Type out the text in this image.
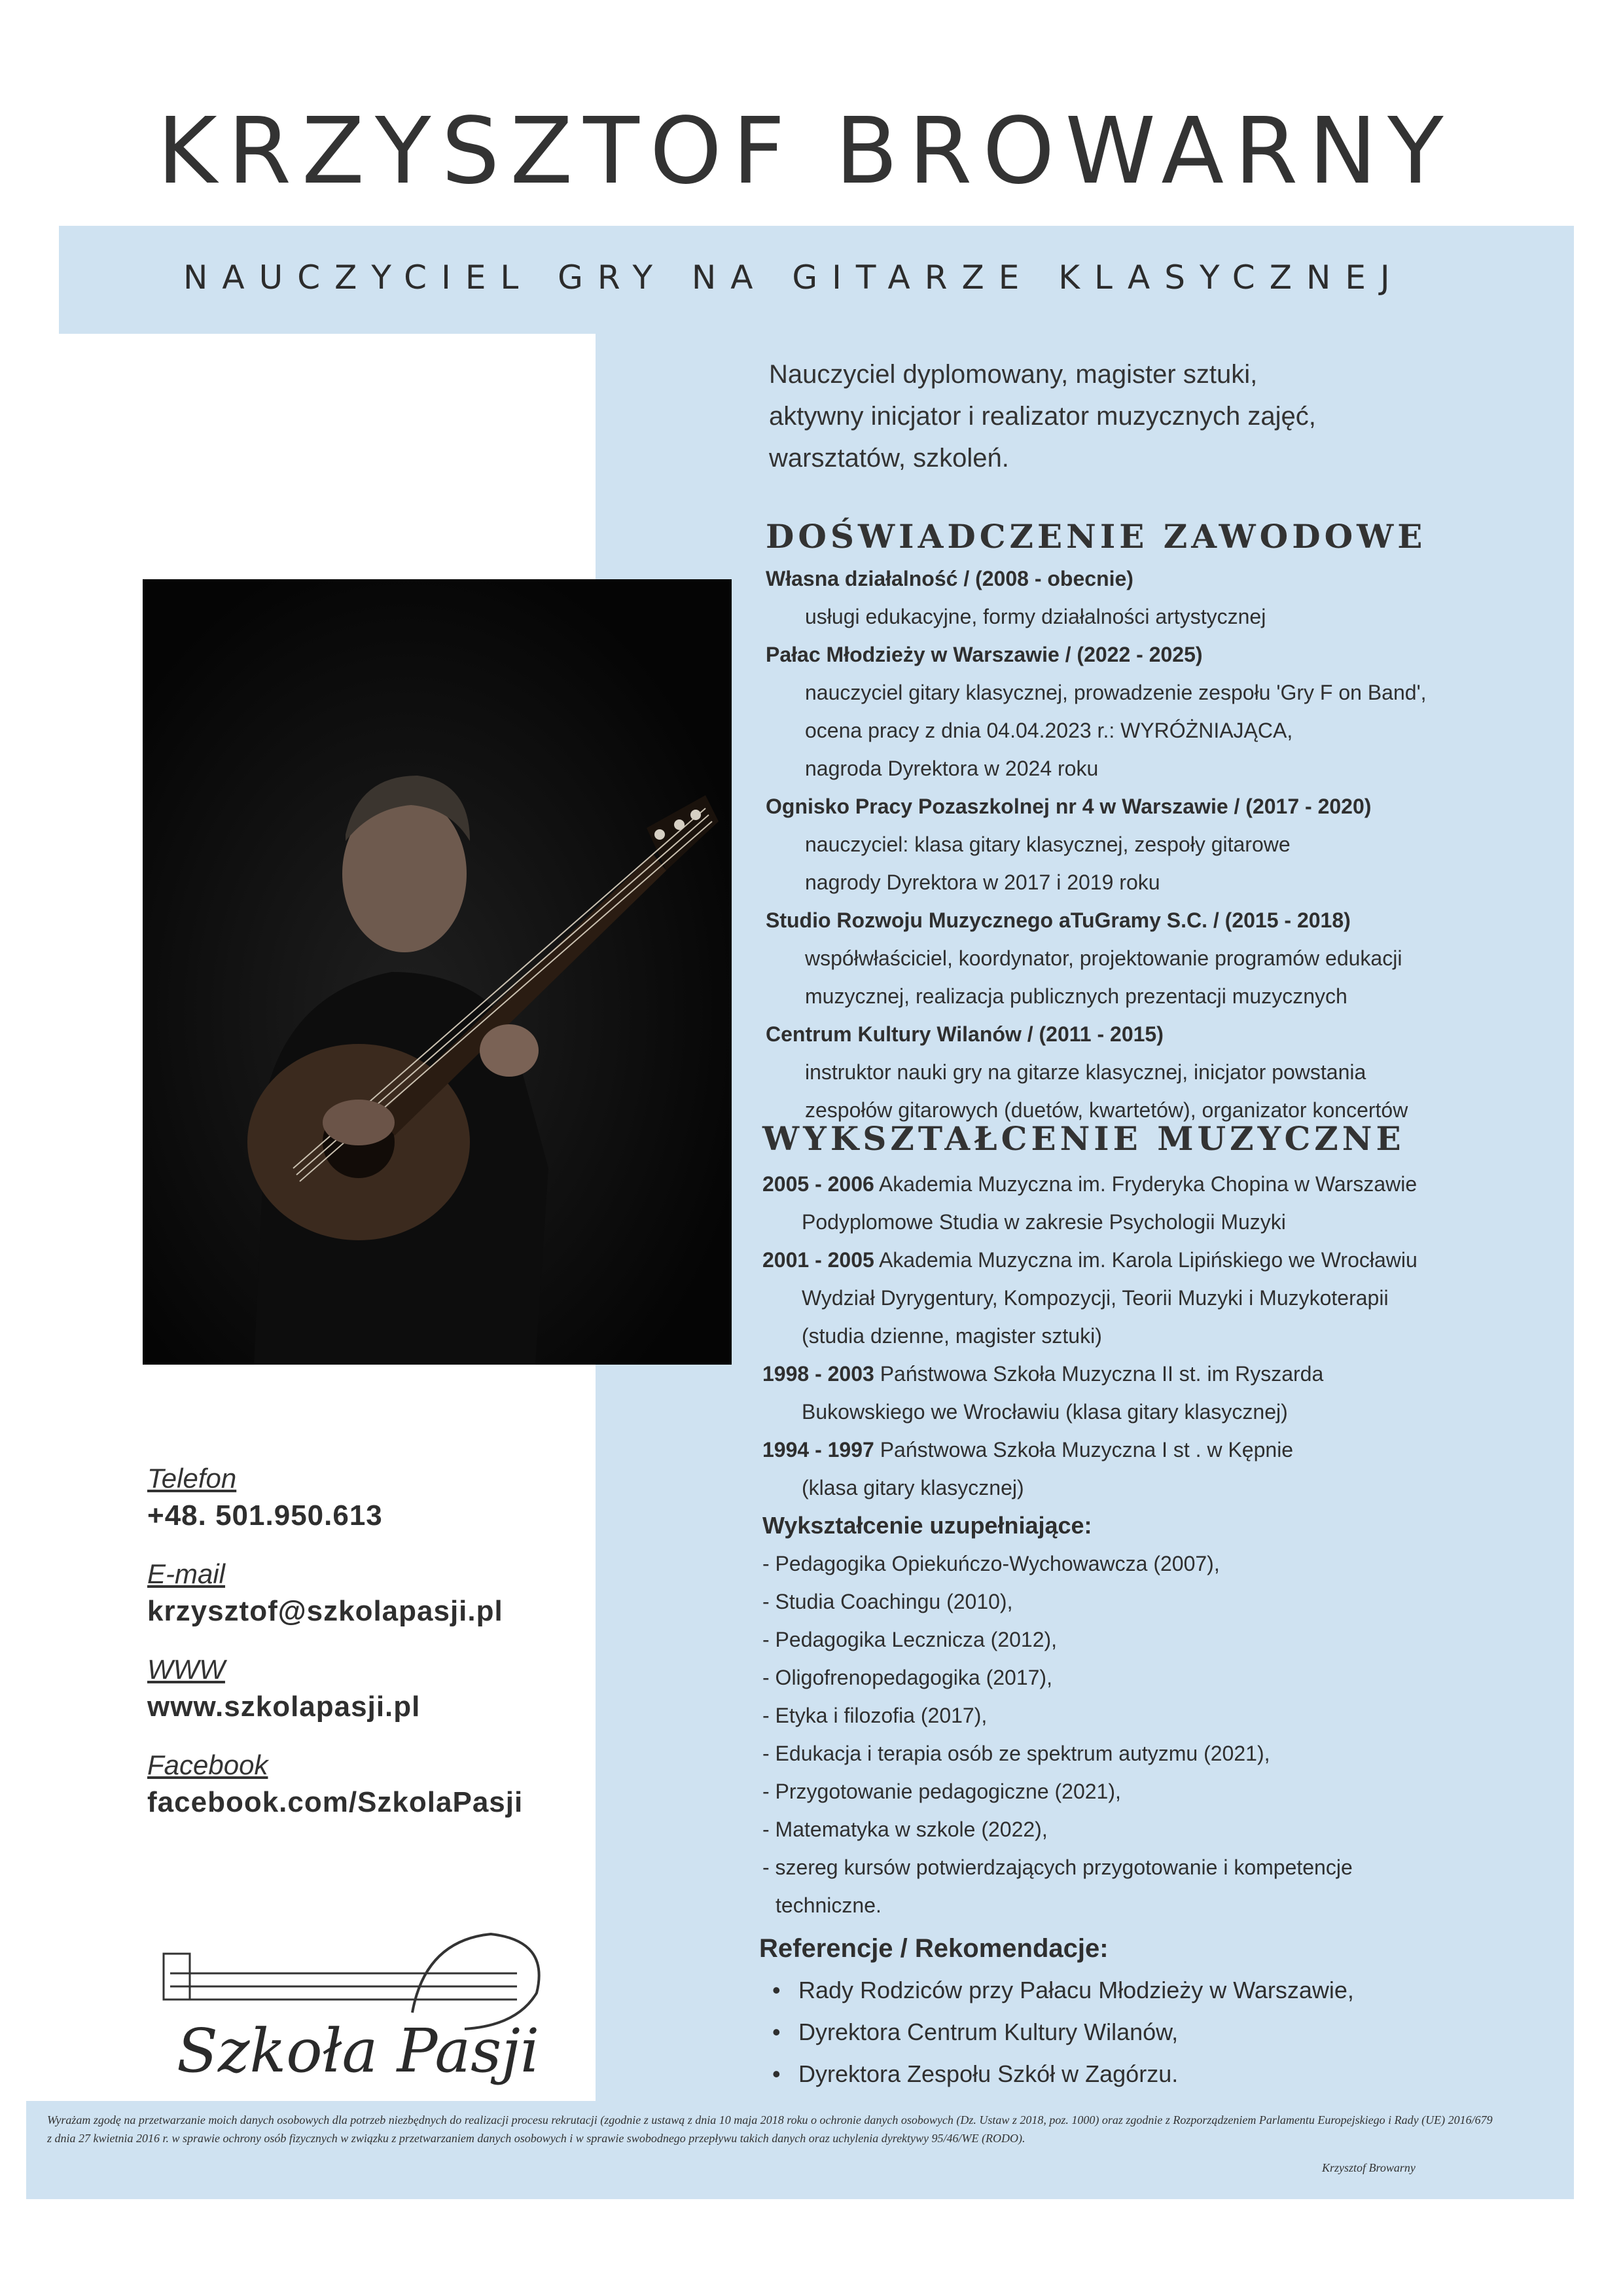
KRZYSZTOF BROWARNY
NAUCZYCIEL GRY NA GITARZE KLASYCZNEJ
Nauczyciel dyplomowany, magister sztuki,
aktywny inicjator i realizator muzycznych zajęć,
warsztatów, szkoleń.
DOŚWIADCZENIE ZAWODOWE
Własna działalność / (2008 - obecnie)
usługi edukacyjne, formy działalności artystycznej
Pałac Młodzieży w Warszawie / (2022 - 2025)
nauczyciel gitary klasycznej, prowadzenie zespołu 'Gry F on Band',
ocena pracy z dnia 04.04.2023 r.: WYRÓŻNIAJĄCA,
nagroda Dyrektora w 2024 roku
Ognisko Pracy Pozaszkolnej nr 4 w Warszawie / (2017 - 2020)
nauczyciel: klasa gitary klasycznej, zespoły gitarowe
nagrody Dyrektora w 2017 i 2019 roku
Studio Rozwoju Muzycznego aTuGramy S.C. / (2015 - 2018)
współwłaściciel, koordynator, projektowanie programów edukacji
muzycznej, realizacja publicznych prezentacji muzycznych
Centrum Kultury Wilanów / (2011 - 2015)
instruktor nauki gry na gitarze klasycznej, inicjator powstania
zespołów gitarowych (duetów, kwartetów), organizator koncertów
WYKSZTAŁCENIE MUZYCZNE
2005 - 2006 Akademia Muzyczna im. Fryderyka Chopina w Warszawie
Podyplomowe Studia w zakresie Psychologii Muzyki
2001 - 2005 Akademia Muzyczna im. Karola Lipińskiego we Wrocławiu
Wydział Dyrygentury, Kompozycji, Teorii Muzyki i Muzykoterapii
(studia dzienne, magister sztuki)
1998 - 2003 Państwowa Szkoła Muzyczna II st. im Ryszarda
Bukowskiego we Wrocławiu (klasa gitary klasycznej)
1994 - 1997 Państwowa Szkoła Muzyczna I st . w Kępnie
(klasa gitary klasycznej)
Wykształcenie uzupełniające:
- Pedagogika Opiekuńczo-Wychowawcza (2007),
- Studia Coachingu (2010),
- Pedagogika Lecznicza (2012),
- Oligofrenopedagogika (2017),
- Etyka i filozofia (2017),
- Edukacja i terapia osób ze spektrum autyzmu (2021),
- Przygotowanie pedagogiczne (2021),
- Matematyka w szkole (2022),
- szereg kursów potwierdzających przygotowanie i kompetencje
techniczne.
Referencje / Rekomendacje:
• Rady Rodziców przy Pałacu Młodzieży w Warszawie,
• Dyrektora Centrum Kultury Wilanów,
• Dyrektora Zespołu Szkół w Zagórzu.
Telefon
+48. 501.950.613
E-mail
krzysztof@szkolapasji.pl
WWW
www.szkolapasji.pl
Facebook
facebook.com/SzkolaPasji
Szkoła Pasji
Wyrażam zgodę na przetwarzanie moich danych osobowych dla potrzeb niezbędnych do realizacji procesu rekrutacji (zgodnie z ustawą z dnia 10 maja 2018 roku o ochronie danych osobowych (Dz. Ustaw z 2018, poz. 1000) oraz zgodnie z Rozporządzeniem Parlamentu Europejskiego i Rady (UE) 2016/679 z dnia 27 kwietnia 2016 r. w sprawie ochrony osób fizycznych w związku z przetwarzaniem danych osobowych i w sprawie swobodnego przepływu takich danych oraz uchylenia dyrektywy 95/46/WE (RODO).
Krzysztof Browarny
